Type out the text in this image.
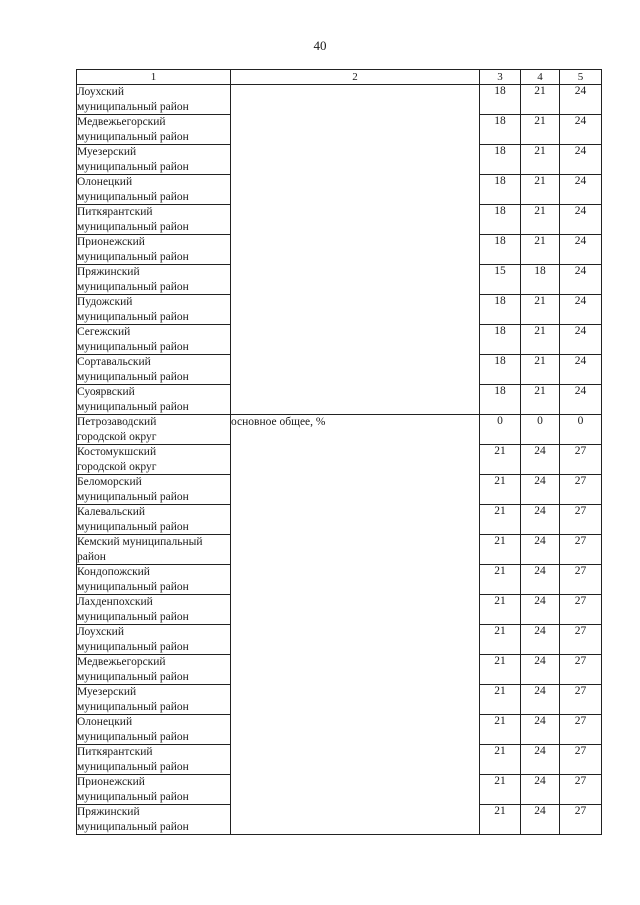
40
1	2	3	4	5

Лоухский
муниципальный район		18	21	24

Медвежьегорский
муниципальный район		18	21	24

Муезерский
муниципальный район		18	21	24

Олонецкий
муниципальный район		18	21	24

Питкярантский
муниципальный район		18	21	24

Прионежский
муниципальный район		18	21	24

Пряжинский
муниципальный район		15	18	24

Пудожский
муниципальный район		18	21	24

Сегежский
муниципальный район		18	21	24

Сортавальский
муниципальный район		18	21	24

Суоярвский
муниципальный район		18	21	24

Петрозаводский
городской округ	основное общее, %	0	0	0

Костомукшский
городской округ		21	24	27

Беломорский
муниципальный район		21	24	27

Калевальский
муниципальный район		21	24	27

Кемский муниципальный
район		21	24	27

Кондопожский
муниципальный район		21	24	27

Лахденпохский
муниципальный район		21	24	27

Лоухский
муниципальный район		21	24	27

Медвежьегорский
муниципальный район		21	24	27

Муезерский
муниципальный район		21	24	27

Олонецкий
муниципальный район		21	24	27

Питкярантский
муниципальный район		21	24	27

Прионежский
муниципальный район		21	24	27

Пряжинский
муниципальный район		21	24	27
